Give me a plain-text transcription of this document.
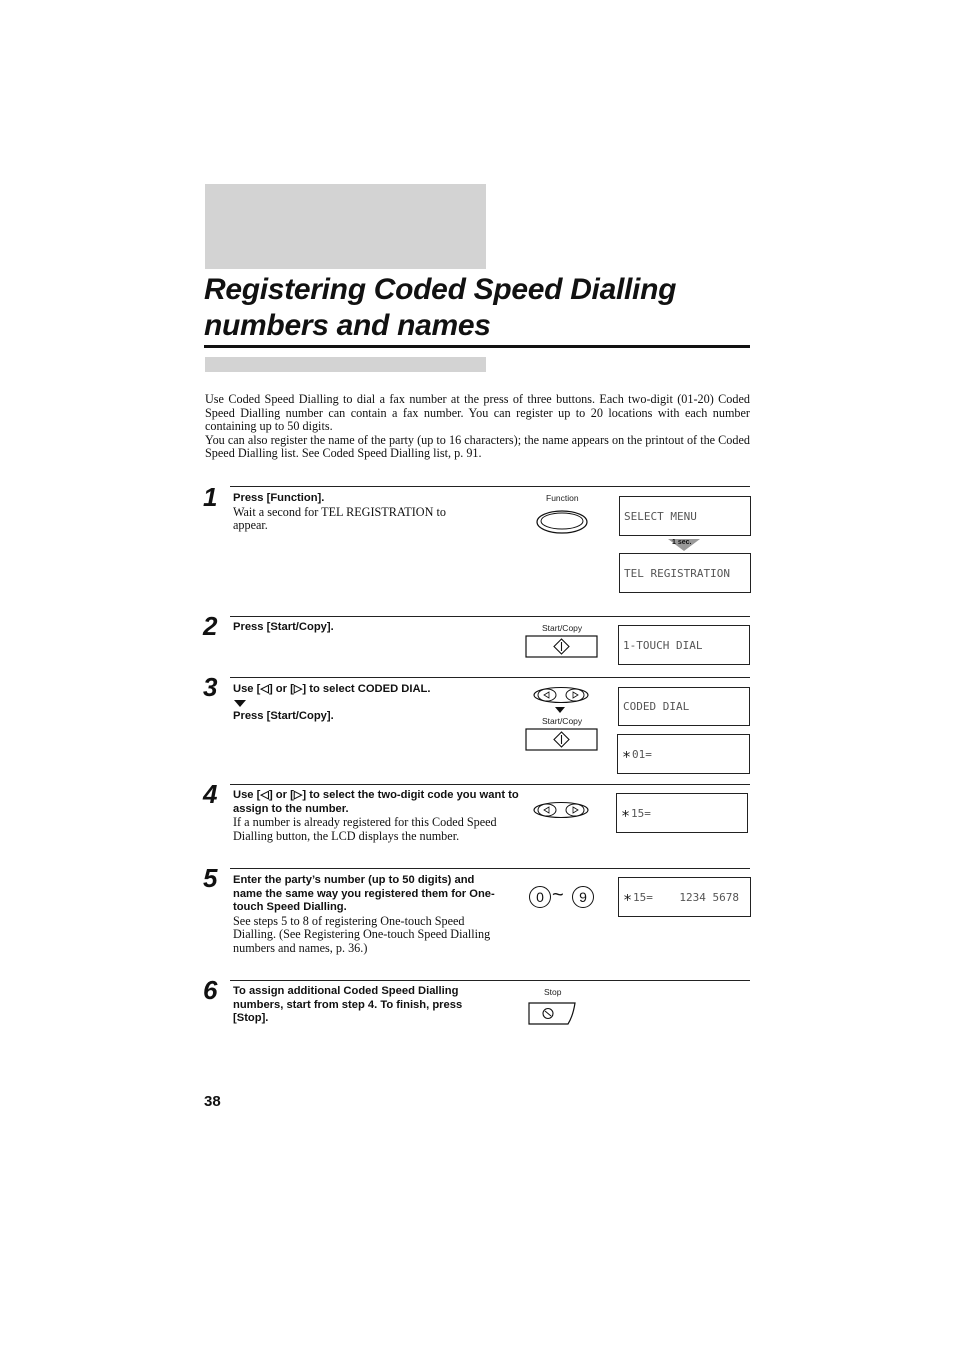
Registering Coded Speed Dialling
numbers and names

Use Coded Speed Dialling to dial a fax number at the press of three buttons. Each two-digit (01-20) Coded Speed Dialling number can contain a fax number. You can register up to 20 locations with each number containing up to 50 digits.

You can also register the name of the party (up to 16 characters); the name appears on the printout of the Coded Speed Dialling list. See Coded Speed Dialling list, p. 91.

1 Press [Function].

Wait a second for TEL REGISTRATION to appear.

Function
SELECT MENU
1 sec.
TEL REGISTRATION
2 Press [Start/Copy].	Start/Copy
1-TOUCH DIAL
3 Use [◁] or [▷] to select CODED DIAL.

Press [Start/Copy].	Start/Copy
CODED DIAL
∗ 01=
4 Use [◁] or [▷] to select the two-digit code you want to assign to the number.

If a number is already registered for this Coded Speed Dialling button, the LCD displays the number.

∗ 15=
5 Enter the party’s number (up to 50 digits) and name the same way you registered them for One-touch Speed Dialling.

See steps 5 to 8 of registering One-touch Speed Dialling. (See Registering One-touch Speed Dialling numbers and names, p. 36.)

0 ~	9	∗ 15=    1234 5678
6 To assign additional Coded Speed Dialling numbers, start from step 4. To finish, press [Stop].

Stop
38
